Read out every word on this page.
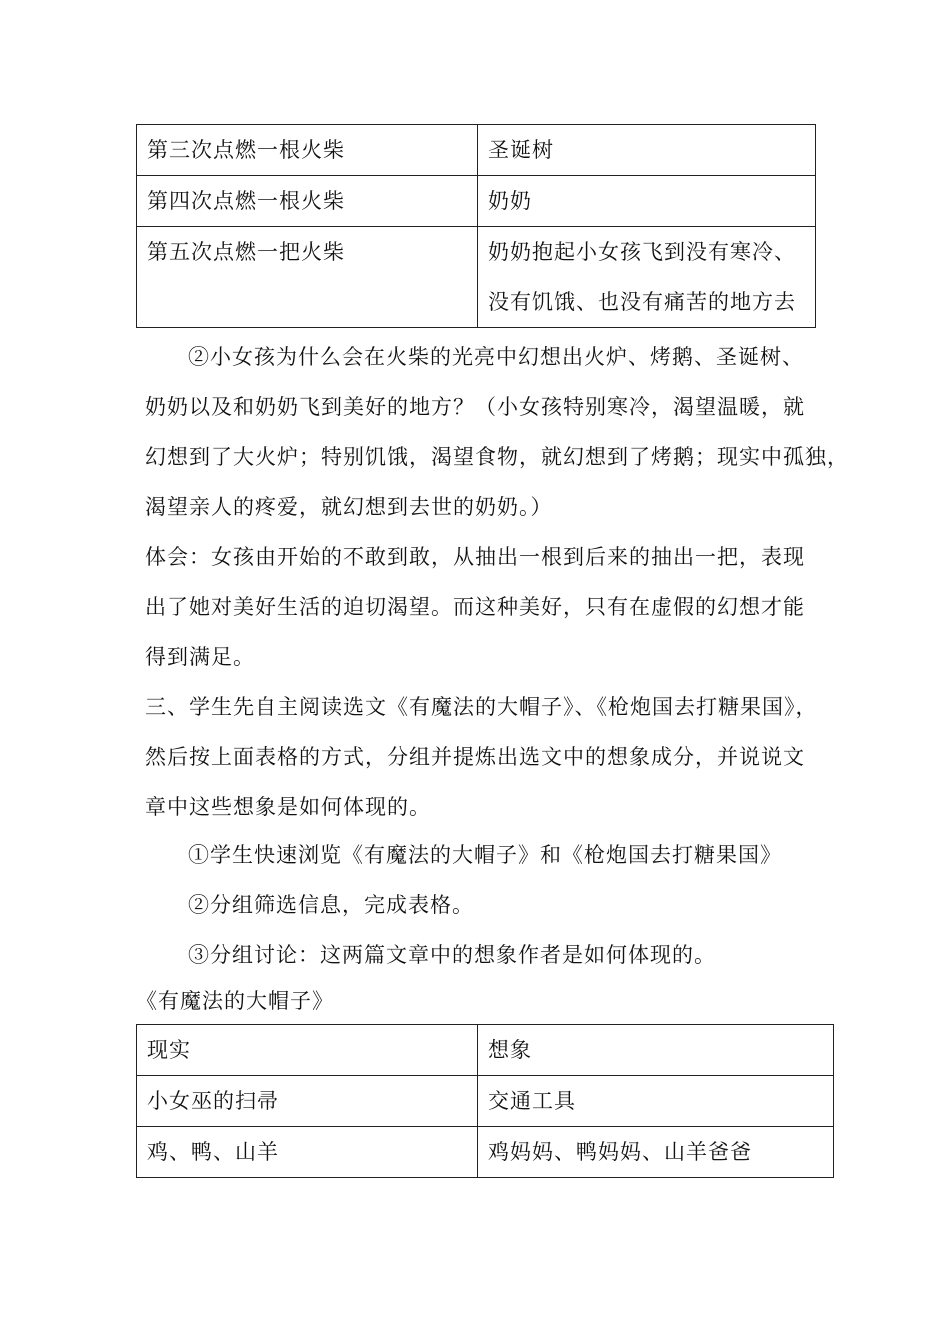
第三次点燃一根火柴	圣诞树
第四次点燃一根火柴	奶奶
第五次点燃一把火柴	奶奶抱起小女孩飞到没有寒冷、没有饥饿、也没有痛苦的地方去
②小女孩为什么会在火柴的光亮中幻想出火炉、烤鹅、圣诞树、
奶奶以及和奶奶飞到美好的地方？（小女孩特别寒冷，渴望温暖，就
幻想到了大火炉；特别饥饿，渴望食物，就幻想到了烤鹅；现实中孤独，
渴望亲人的疼爱，就幻想到去世的奶奶。）
体会：女孩由开始的不敢到敢，从抽出一根到后来的抽出一把，表现
出了她对美好生活的迫切渴望。而这种美好，只有在虚假的幻想才能
得到满足。
三、学生先自主阅读选文《有魔法的大帽子》、《枪炮国去打糖果国》，
然后按上面表格的方式，分组并提炼出选文中的想象成分，并说说文
章中这些想象是如何体现的。
①学生快速浏览《有魔法的大帽子》和《枪炮国去打糖果国》
②分组筛选信息，完成表格。
③分组讨论：这两篇文章中的想象作者是如何体现的。
《有魔法的大帽子》
现实	想象
小女巫的扫帚	交通工具
鸡、鸭、山羊	鸡妈妈、鸭妈妈、山羊爸爸
